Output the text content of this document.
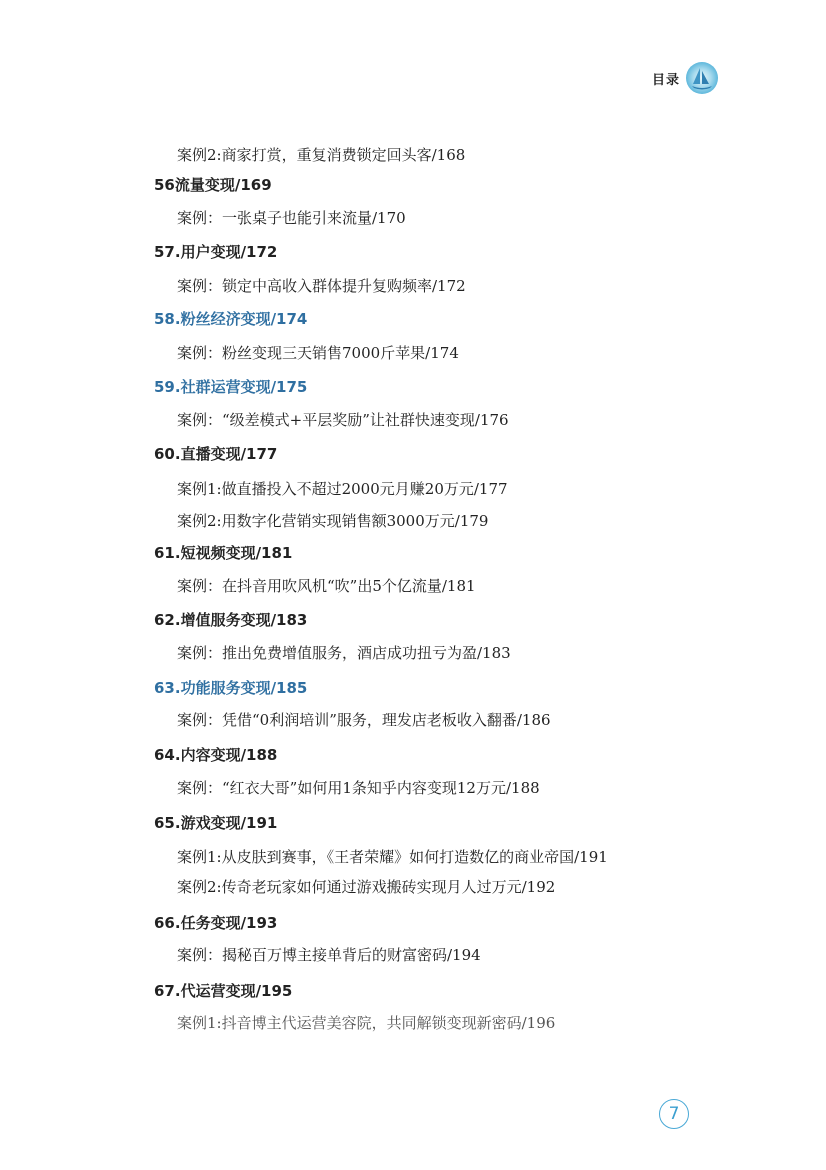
目录
案例2:商家打赏，重复消费锁定回头客/168
56流量变现/169
案例：一张桌子也能引来流量/170
57.用户变现/172
案例：锁定中高收入群体提升复购频率/172
58.粉丝经济变现/174
案例：粉丝变现三天销售7000斤苹果/174
59.社群运营变现/175
案例：“级差模式+平层奖励”让社群快速变现/176
60.直播变现/177
案例1:做直播投入不超过2000元月赚20万元/177
案例2:用数字化营销实现销售额3000万元/179
61.短视频变现/181
案例：在抖音用吹风机“吹”出5个亿流量/181
62.增值服务变现/183
案例：推出免费增值服务，酒店成功扭亏为盈/183
63.功能服务变现/185
案例：凭借“0利润培训”服务，理发店老板收入翻番/186
64.内容变现/188
案例：“红衣大哥”如何用1条知乎内容变现12万元/188
65.游戏变现/191
案例1:从皮肤到赛事，《王者荣耀》如何打造数亿的商业帝国/191
案例2:传奇老玩家如何通过游戏搬砖实现月人过万元/192
66.任务变现/193
案例：揭秘百万博主接单背后的财富密码/194
67.代运营变现/195
案例1:抖音博主代运营美容院，共同解锁变现新密码/196
7
